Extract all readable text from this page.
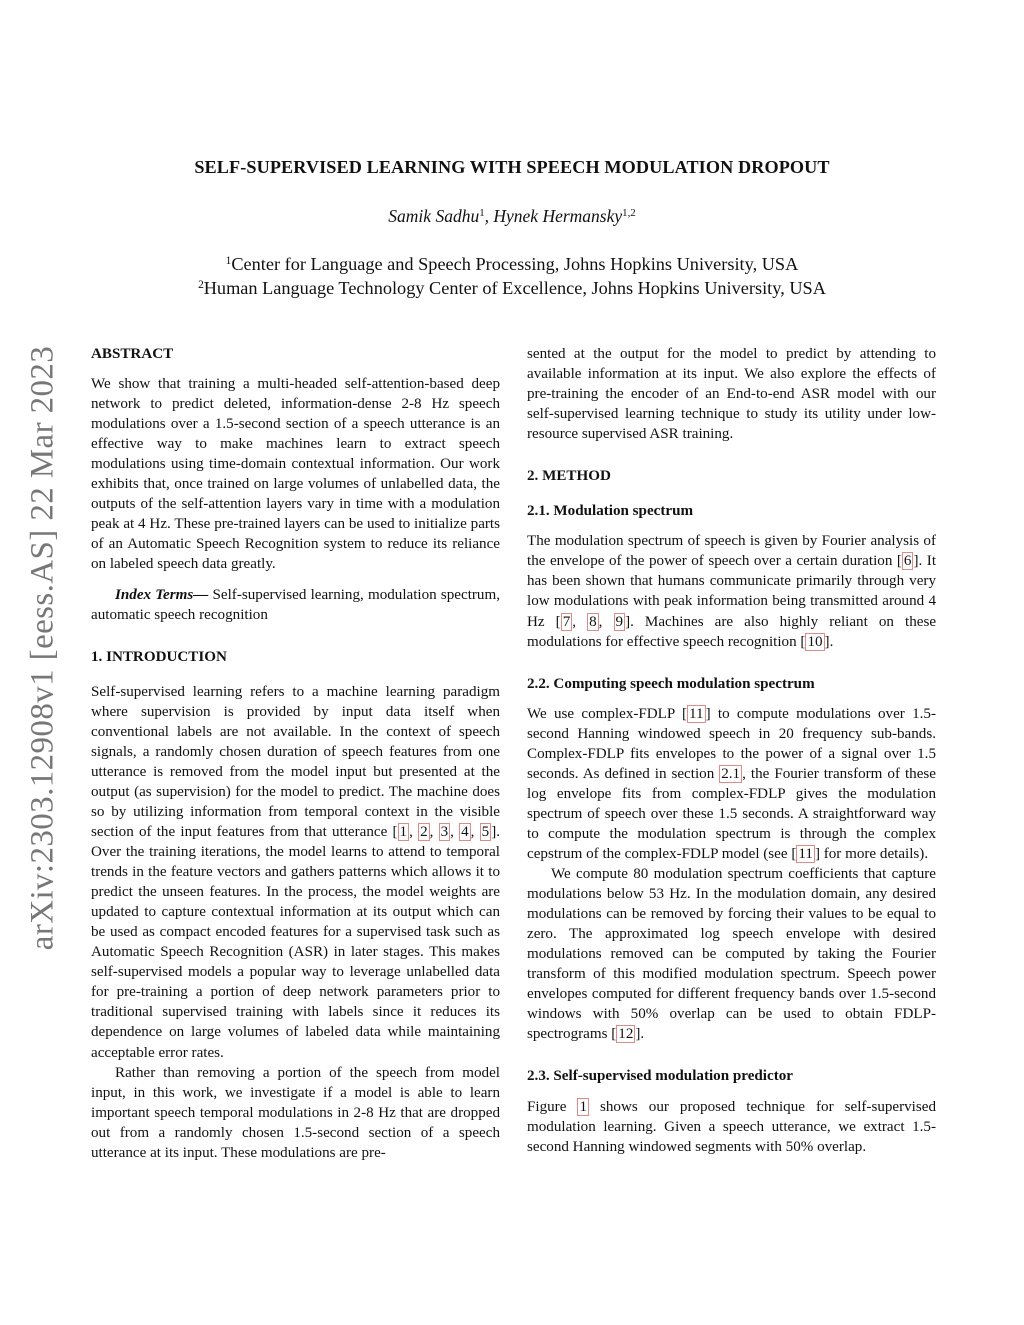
arXiv:2303.12908v1 [eess.AS] 22 Mar 2023
SELF-SUPERVISED LEARNING WITH SPEECH MODULATION DROPOUT
Samik Sadhu$^1$, Hynek Hermansky$^{1,2}$
$^1$Center for Language and Speech Processing, Johns Hopkins University, USA
$^2$Human Language Technology Center of Excellence, Johns Hopkins University, USA

ABSTRACT

We show that training a multi-headed self-attention-based deep network to predict deleted, information-dense 2-8 Hz speech modulations over a 1.5-second section of a speech utterance is an effective way to make machines learn to extract speech modulations using time-domain contextual information. Our work exhibits that, once trained on large volumes of unlabelled data, the outputs of the self-attention layers vary in time with a modulation peak at 4 Hz. These pre-trained layers can be used to initialize parts of an Automatic Speech Recognition system to reduce its reliance on labeled speech data greatly.

Index Terms— Self-supervised learning, modulation spectrum, automatic speech recognition

1. INTRODUCTION

Self-supervised learning refers to a machine learning paradigm where supervision is provided by input data itself when conventional labels are not available. In the context of speech signals, a randomly chosen duration of speech features from one utterance is removed from the model input but presented at the output (as supervision) for the model to predict. The machine does so by utilizing information from temporal context in the visible section of the input features from that utterance [ 1 , 2 , 3 , 4 , 5 ]. Over the training iterations, the model learns to attend to temporal trends in the feature vectors and gathers patterns which allows it to predict the unseen features. In the process, the model weights are updated to capture contextual information at its output which can be used as compact encoded features for a supervised task such as Automatic Speech Recognition (ASR) in later stages. This makes self-supervised models a popular way to leverage unlabelled data for pre-training a portion of deep network parameters prior to traditional supervised training with labels since it reduces its dependence on large volumes of labeled data while maintaining acceptable error rates.

Rather than removing a portion of the speech from model input, in this work, we investigate if a model is able to learn important speech temporal modulations in 2-8 Hz that are dropped out from a randomly chosen 1.5-second section of a speech utterance at its input. These modulations are pre-

sented at the output for the model to predict by attending to available information at its input. We also explore the effects of pre-training the encoder of an End-to-end ASR model with our self-supervised learning technique to study its utility under low-resource supervised ASR training.

2. METHOD

2.1. Modulation spectrum

The modulation spectrum of speech is given by Fourier analysis of the envelope of the power of speech over a certain duration [ 6 ]. It has been shown that humans communicate primarily through very low modulations with peak information being transmitted around 4 Hz [ 7 , 8 , 9 ]. Machines are also highly reliant on these modulations for effective speech recognition [ 10 ].

2.2. Computing speech modulation spectrum

We use complex-FDLP [ 11 ] to compute modulations over 1.5-second Hanning windowed speech in 20 frequency sub-bands. Complex-FDLP fits envelopes to the power of a signal over 1.5 seconds. As defined in section 2.1 , the Fourier transform of these log envelope fits from complex-FDLP gives the modulation spectrum of speech over these 1.5 seconds. A straightforward way to compute the modulation spectrum is through the complex cepstrum of the complex-FDLP model (see [ 11 ] for more details).

We compute 80 modulation spectrum coefficients that capture modulations below 53 Hz. In the modulation domain, any desired modulations can be removed by forcing their values to be equal to zero. The approximated log speech envelope with desired modulations removed can be computed by taking the Fourier transform of this modified modulation spectrum. Speech power envelopes computed for different frequency bands over 1.5-second windows with 50% overlap can be used to obtain FDLP-spectrograms [ 12 ].

2.3. Self-supervised modulation predictor

Figure 1 shows our proposed technique for self-supervised modulation learning. Given a speech utterance, we extract 1.5-second Hanning windowed segments with 50% overlap.
